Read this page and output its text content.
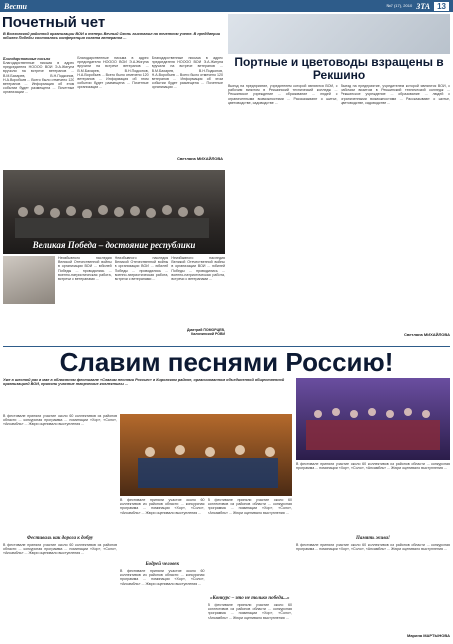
Вести	№7 (17), 2010 ЗТА 13
Почетный чет
В Волховской районной организации ВОИ и теперь Вечный Огонь выставил на почетном учете. В преддверии юбилея Победы состоялась конференция совета ветеранов ...
Благодарственные письма
Благодарственные письма в адрес председателя НОООО ВОИ Э.А.Жигуна вручили на встрече ветеранов ... В.М.Бахарев, В.Н.Подкопов, Н.А.Воробьев ... Всего было отмечено 120 ветеранов ... Информация об этом событии будет размещена ... Почетные организации ...
Благодарственные письма в адрес председателя НОООО ВОИ Э.А.Жигуна вручили на встрече ветеранов ... В.М.Бахарев, В.Н.Подкопов, Н.А.Воробьев ... Всего было отмечено 120 ветеранов ... Информация об этом событии будет размещена ... Почетные организации ...
Благодарственные письма в адрес председателя НОООО ВОИ Э.А.Жигуна вручили на встрече ветеранов ... В.М.Бахарев, В.Н.Подкопов, Н.А.Воробьев ... Всего было отмечено 120 ветеранов ... Информация об этом событии будет размещена ... Почетные организации ...
Светлана МИХАЙЛОВА
Портные и цветоводы взращены в Рекшино
Выезд на предприятие, учредителем которой являются ВОИ, с рабочим визитом в Рекшинский технический колледж ... Рекшинское учреждение ... образование ... людей с ограниченными возможностями ... Рассказывают о шитье, цветоводстве, садоводстве ...
Выезд на предприятие, учредителем которой являются ВОИ, с рабочим визитом в Рекшинский технический колледж ... Рекшинское учреждение ... образование ... людей с ограниченными возможностями ... Рассказывают о шитье, цветоводстве, садоводстве ...
Светлана МИХАЙЛОВА
Великая Победа – достояние республики
Неизбывного наследия Великой Отечественной войны в организации ВОИ ... юбилей Победы ... проводились ... военно-патриотическая работа, встречи с ветеранами ...
Неизбывного наследия Великой Отечественной войны в организации ВОИ ... юбилей Победы ... проводились ... военно-патриотическая работа, встречи с ветеранами ...
Неизбывного наследия Великой Отечественной войны в организации ВОИ ... юбилей Победы ... проводились ... военно-патриотическая работа, встречи с ветеранами ...
Дмитрий ПОМОРЦЕВ, Калининский РОВИ
Славим песнями Россию!
Уже в шестой раз в мае в областном фестивале «Славим песнями Россию» в Кировском районе, организованном объединенной общественной организацией ВОИ, приняли участие творческие коллективы ...
В фестивале приняли участие около 60 коллективов из районов области ... конкурсная программа ... номинации «Хор», «Соло», «Ансамбль» ... Жюри оценивало выступления ...
Фестиваль как дорога к добру
В фестивале приняли участие около 60 коллективов из районов области ... конкурсная программа ... номинации «Хор», «Соло», «Ансамбль» ... Жюри оценивало выступления ...
В фестивале приняли участие около 60 коллективов из районов области ... конкурсная программа ... номинации «Хор», «Соло», «Ансамбль» ... Жюри оценивало выступления ...
Бодрей человек
В фестивале приняли участие около 60 коллективов из районов области ... конкурсная программа ... номинации «Хор», «Соло», «Ансамбль» ... Жюри оценивало выступления ...
В фестивале приняли участие около 60 коллективов из районов области ... конкурсная программа ... номинации «Хор», «Соло», «Ансамбль» ... Жюри оценивало выступления ...
«Конкурс – это не только победа...»
В фестивале приняли участие около 60 коллективов из районов области ... конкурсная программа ... номинации «Хор», «Соло», «Ансамбль» ... Жюри оценивало выступления ...
В фестивале приняли участие около 60 коллективов из районов области ... конкурсная программа ... номинации «Хор», «Соло», «Ансамбль» ... Жюри оценивало выступления ...
Память жива!
В фестивале приняли участие около 60 коллективов из районов области ... конкурсная программа ... номинации «Хор», «Соло», «Ансамбль» ... Жюри оценивало выступления ...
Марина МАРТЫНОВА
